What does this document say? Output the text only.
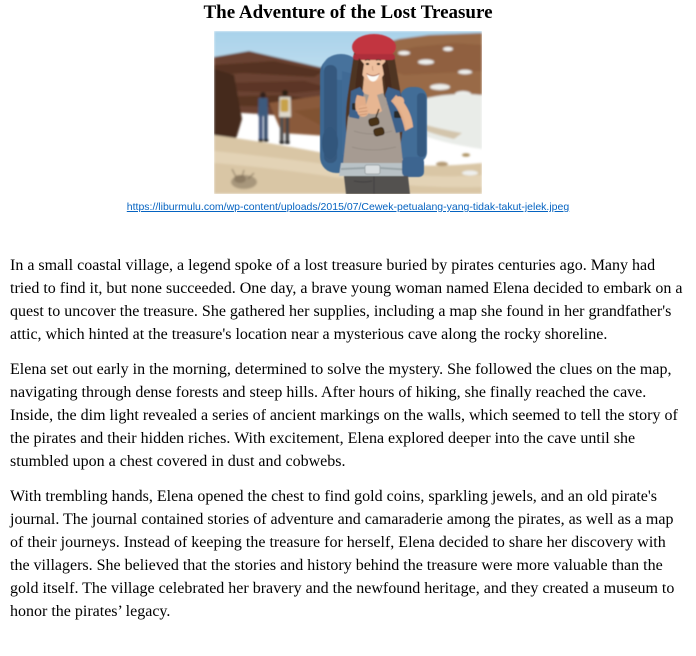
The Adventure of the Lost Treasure
https://liburmulu.com/wp-content/uploads/2015/07/Cewek-petualang-yang-tidak-takut-jelek.jpeg

In a small coastal village, a legend spoke of a lost treasure buried by pirates centuries ago. Many had tried to find it, but none succeeded. One day, a brave young woman named Elena decided to embark on a quest to uncover the treasure. She gathered her supplies, including a map she found in her grandfather's attic, which hinted at the treasure's location near a mysterious cave along the rocky shoreline.

Elena set out early in the morning, determined to solve the mystery. She followed the clues on the map, navigating through dense forests and steep hills. After hours of hiking, she finally reached the cave. Inside, the dim light revealed a series of ancient markings on the walls, which seemed to tell the story of the pirates and their hidden riches. With excitement, Elena explored deeper into the cave until she stumbled upon a chest covered in dust and cobwebs.

With trembling hands, Elena opened the chest to find gold coins, sparkling jewels, and an old pirate's journal. The journal contained stories of adventure and camaraderie among the pirates, as well as a map of their journeys. Instead of keeping the treasure for herself, Elena decided to share her discovery with the villagers. She believed that the stories and history behind the treasure were more valuable than the gold itself. The village celebrated her bravery and the newfound heritage, and they created a museum to honor the pirates’ legacy.
